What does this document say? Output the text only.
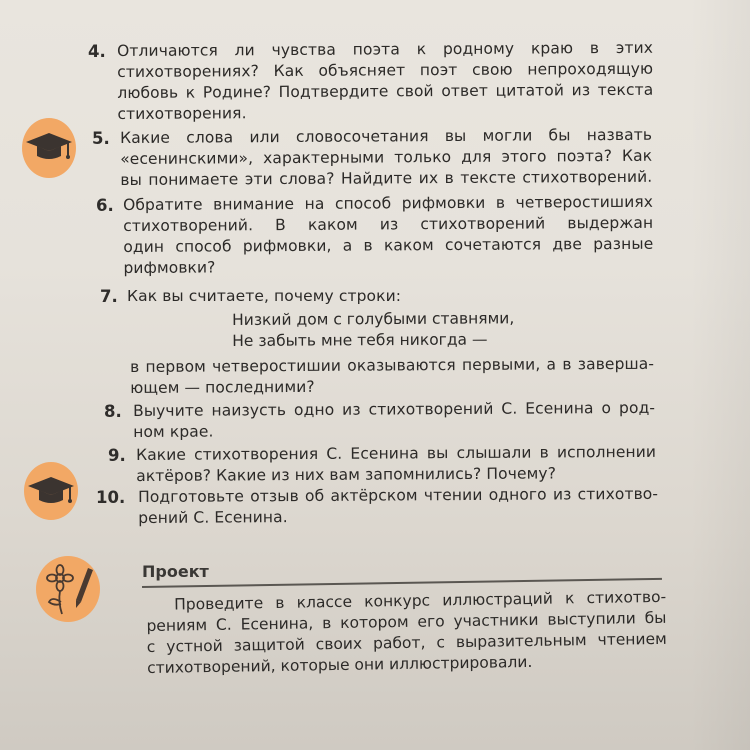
4. Отличаются ли чувства поэта к родному краю в этих
стихотворениях? Как объясняет поэт свою непроходящую
любовь к Родине? Подтвердите свой ответ цитатой из текста
стихотворения.
5. Какие слова или словосочетания вы могли бы назвать
«есенинскими», характерными только для этого поэта? Как
вы понимаете эти слова? Найдите их в тексте стихотворений.
6. Обратите внимание на способ рифмовки в четверостишиях
стихотворений. В каком из стихотворений выдержан
один способ рифмовки, а в каком сочетаются две разные
рифмовки?
7. Как вы считаете, почему строки:
Низкий дом с голубыми ставнями,
Не забыть мне тебя никогда —
в первом четверостишии оказываются первыми, а в заверша-
ющем — последними?
8. Выучите наизусть одно из стихотворений С. Есенина о род-
ном крае.
9. Какие стихотворения С. Есенина вы слышали в исполнении
актёров? Какие из них вам запомнились? Почему?
10. Подготовьте отзыв об актёрском чтении одного из стихотво-
рений С. Есенина.
Проект
Проведите в классе конкурс иллюстраций к стихотво-
рениям С. Есенина, в котором его участники выступили бы
с устной защитой своих работ, с выразительным чтением
стихотворений, которые они иллюстрировали.
